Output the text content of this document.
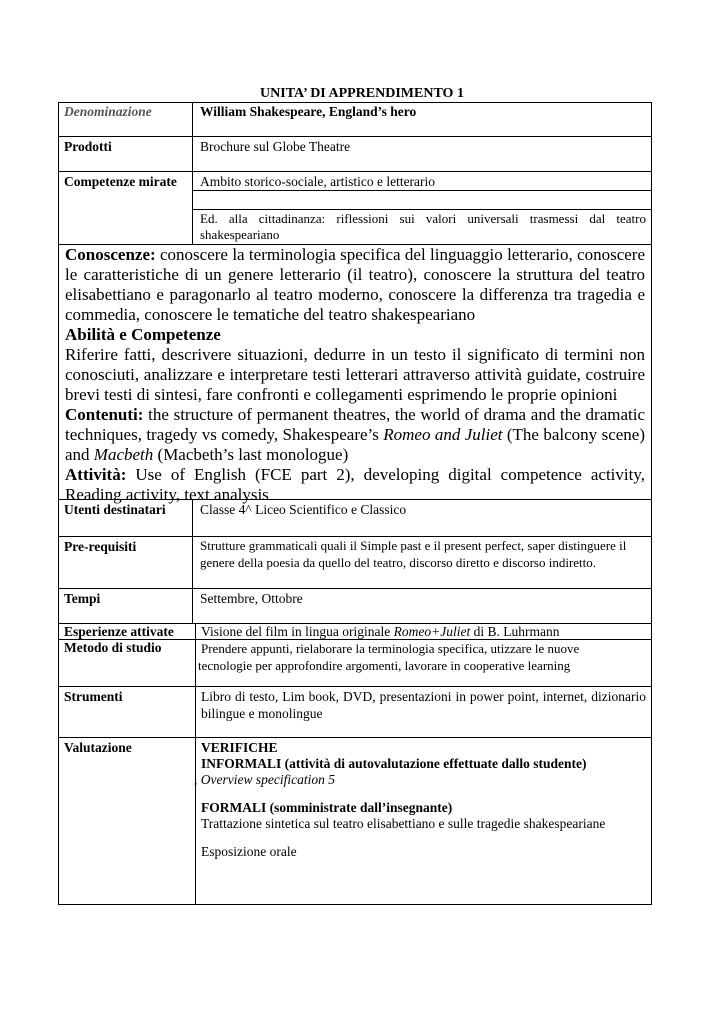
UNITA’ DI APPRENDIMENTO 1
Denominazione	William Shakespeare, England’s hero
Prodotti	Brochure sul Globe Theatre
Competenze mirate	Ambito storico-sociale, artistico e letterario
Ed. alla cittadinanza: riflessioni sui valori universali trasmessi dal teatro shakespeariano

Conoscenze: conoscere la terminologia specifica del linguaggio letterario, conoscere le caratteristiche di un genere letterario (il teatro), conoscere la struttura del teatro elisabettiano e paragonarlo al teatro moderno, conoscere la differenza tra tragedia e commedia, conoscere le tematiche del teatro shakespeariano

Abilità e Competenze

Riferire fatti, descrivere situazioni, dedurre in un testo il significato di termini non conosciuti, analizzare e interpretare testi letterari attraverso attività guidate, costruire brevi testi di sintesi, fare confronti e collegamenti esprimendo le proprie opinioni

Contenuti: the structure of permanent theatres, the world of drama and the dramatic techniques, tragedy vs comedy, Shakespeare’s Romeo and Juliet (The balcony scene) and Macbeth (Macbeth’s last monologue)

Attività: Use of English (FCE part 2), developing digital competence activity, Reading activity, text analysis

Utenti destinatari	Classe 4^ Liceo Scientifico e Classico
Pre-requisiti	Strutture grammaticali quali il Simple past e il present perfect, saper distinguere il genere della poesia da quello del teatro, discorso diretto e discorso indiretto.
Tempi	Settembre, Ottobre
Esperienze attivate	Visione del film in lingua originale Romeo+Juliet di B. Luhrmann
Metodo di studio	Prendere appunti, rielaborare la terminologia specifica, utizzare le nuove
tecnologie per approfondire argomenti, lavorare in cooperative learning
Strumenti	Libro di testo, Lim book, DVD, presentazioni in power point, internet, dizionario bilingue e monolingue
Valutazione	VERIFICHE
INFORMALI (attività di autovalutazione effettuate dallo studente)
, Overview specification 5
FORMALI (somministrate dall’insegnante)
Trattazione sintetica sul teatro elisabettiano e sulle tragedie shakespeariane
Esposizione orale
